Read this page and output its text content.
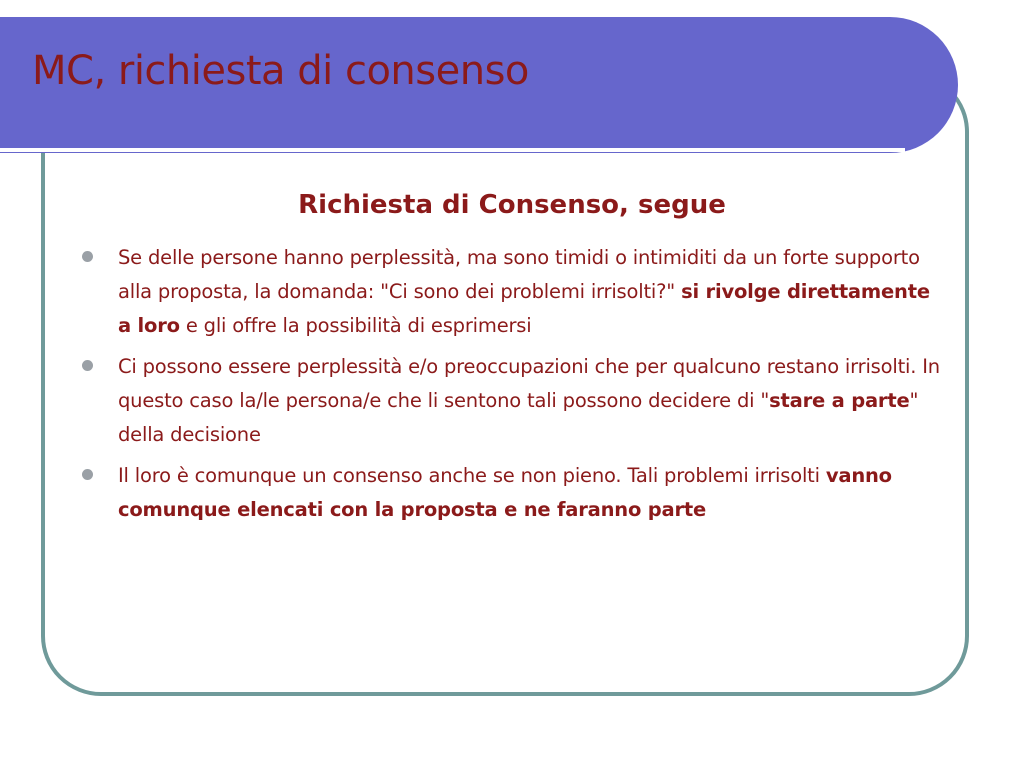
MC, richiesta di consenso
Richiesta di Consenso, segue
Se delle persone hanno perplessità, ma sono timidi o intimiditi da un forte supporto alla proposta, la domanda: "Ci sono dei problemi irrisolti?" si rivolge direttamente a loro e gli offre la possibilità di esprimersi
Ci possono essere perplessità e/o preoccupazioni che per qualcuno restano irrisolti. In questo caso la/le persona/e che li sentono tali possono decidere di "stare a parte" della decisione
Il loro è comunque un consenso anche se non pieno. Tali problemi irrisolti vanno comunque elencati con la proposta e ne faranno parte
